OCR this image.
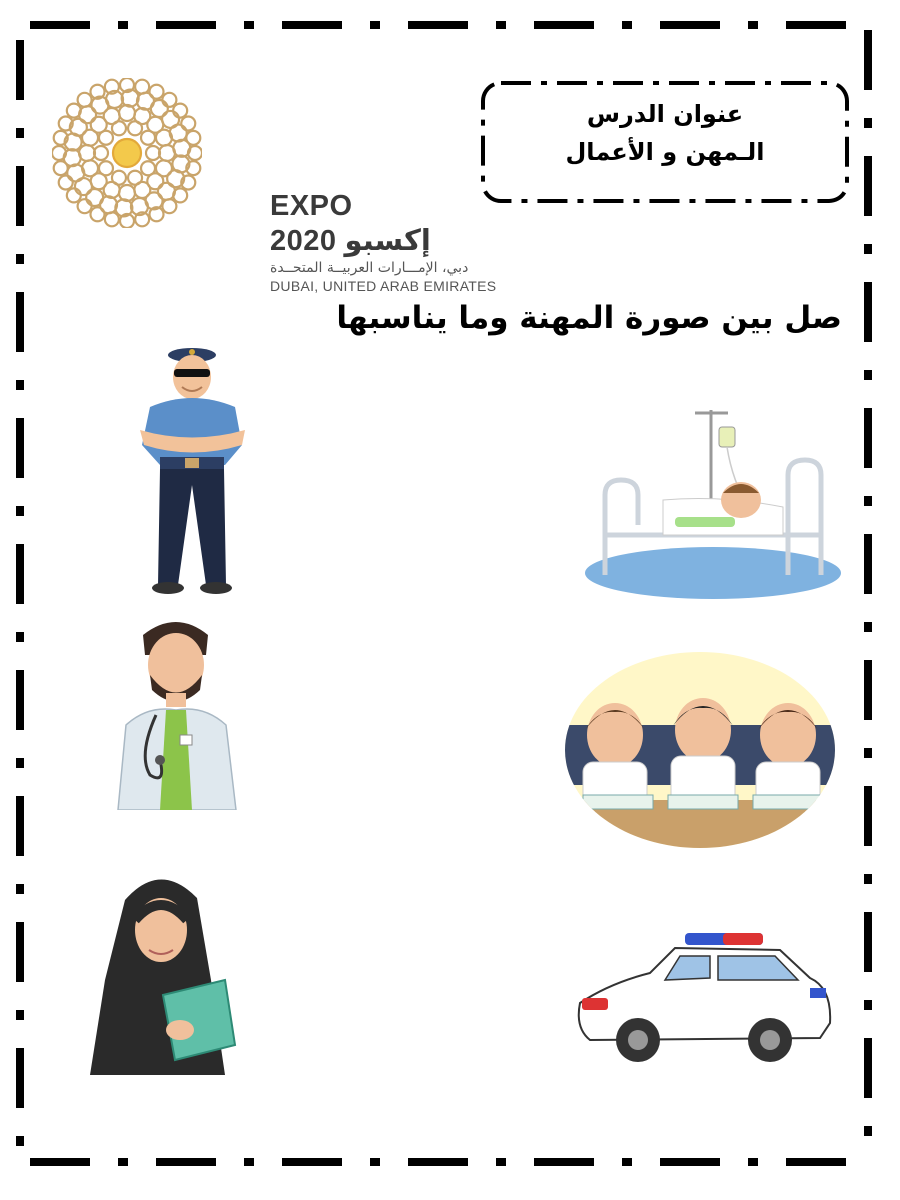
EXPO 2020 إكسبو
دبي، الإمـــارات العربيــة المتحــدة
DUBAI, UNITED ARAB EMIRATES
عنوان الدرس
الـمهن و الأعمال
صل بين صورة المهنة وما يناسبها
